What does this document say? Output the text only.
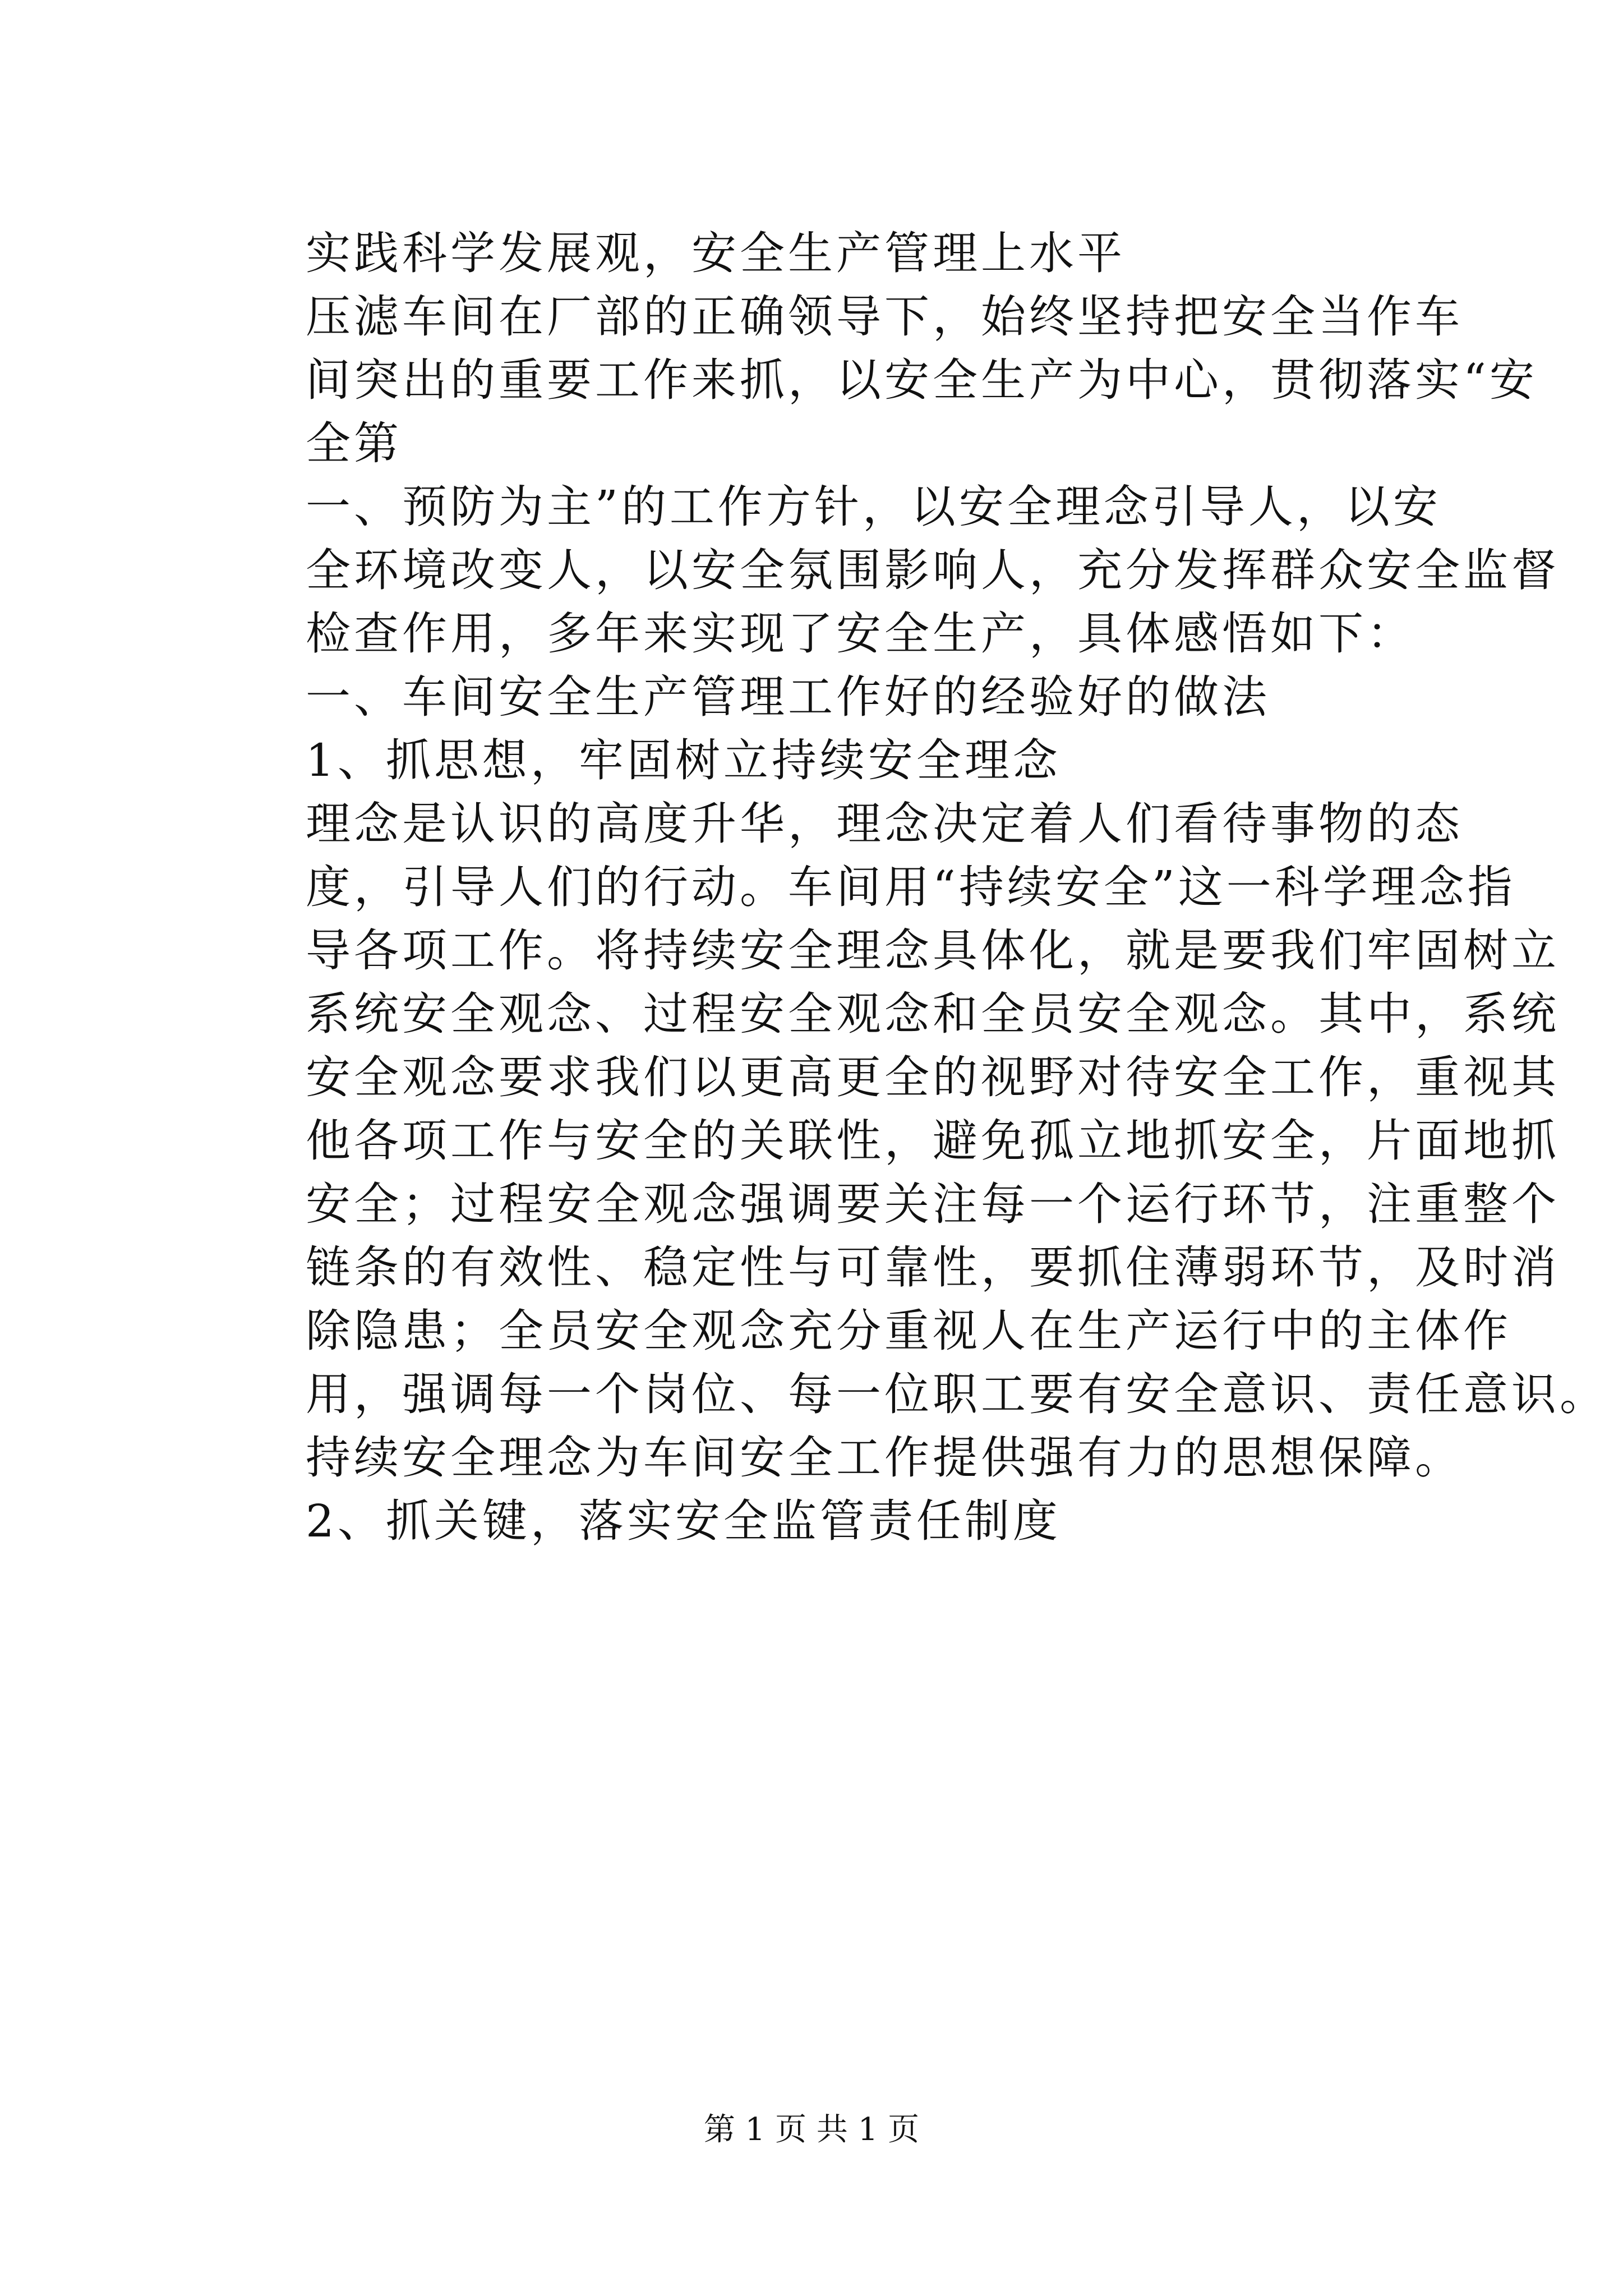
实践科学发展观，安全生产管理上水平
压滤车间在厂部的正确领导下，始终坚持把安全当作车
间突出的重要工作来抓，以安全生产为中心，贯彻落实“安
全第
一、预防为主”的工作方针，以安全理念引导人，以安
全环境改变人，以安全氛围影响人，充分发挥群众安全监督
检查作用，多年来实现了安全生产，具体感悟如下：
一、车间安全生产管理工作好的经验好的做法
1、抓思想，牢固树立持续安全理念
理念是认识的高度升华，理念决定着人们看待事物的态
度，引导人们的行动。车间用“持续安全”这一科学理念指
导各项工作。将持续安全理念具体化，就是要我们牢固树立
系统安全观念、过程安全观念和全员安全观念。其中，系统
安全观念要求我们以更高更全的视野对待安全工作，重视其
他各项工作与安全的关联性，避免孤立地抓安全，片面地抓
安全；过程安全观念强调要关注每一个运行环节，注重整个
链条的有效性、稳定性与可靠性，要抓住薄弱环节，及时消
除隐患；全员安全观念充分重视人在生产运行中的主体作
用，强调每一个岗位、每一位职工要有安全意识、责任意识。
持续安全理念为车间安全工作提供强有力的思想保障。
2、抓关键，落实安全监管责任制度
第 1 页 共 1 页
